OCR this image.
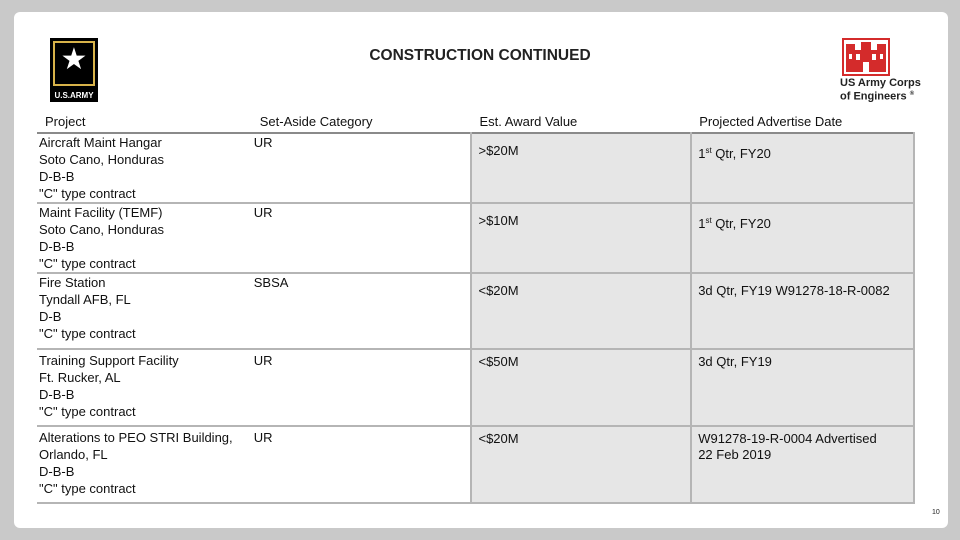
★
U.S.ARMY
CONSTRUCTION CONTINUED
US Army Corps
of Engineers ®
Project	Set-Aside Category	Est. Award Value	Projected Advertise Date

Aircraft Maint Hangar
Soto Cano, Honduras
D-B-B
"C" type contract	UR	>$20M	1st Qtr, FY20

Maint Facility (TEMF)
Soto Cano, Honduras
D-B-B
"C" type contract	UR	>$10M	1st Qtr, FY20

Fire Station
Tyndall AFB, FL
D-B
"C" type contract	SBSA	<$20M	3d Qtr, FY19 W91278-18-R-0082

Training Support Facility
Ft. Rucker, AL
D-B-B
"C" type contract	UR	<$50M	3d Qtr, FY19

Alterations to PEO STRI Building,
Orlando, FL
D-B-B
"C" type contract	UR	<$20M	W91278-19-R-0004 Advertised
22 Feb 2019
10
